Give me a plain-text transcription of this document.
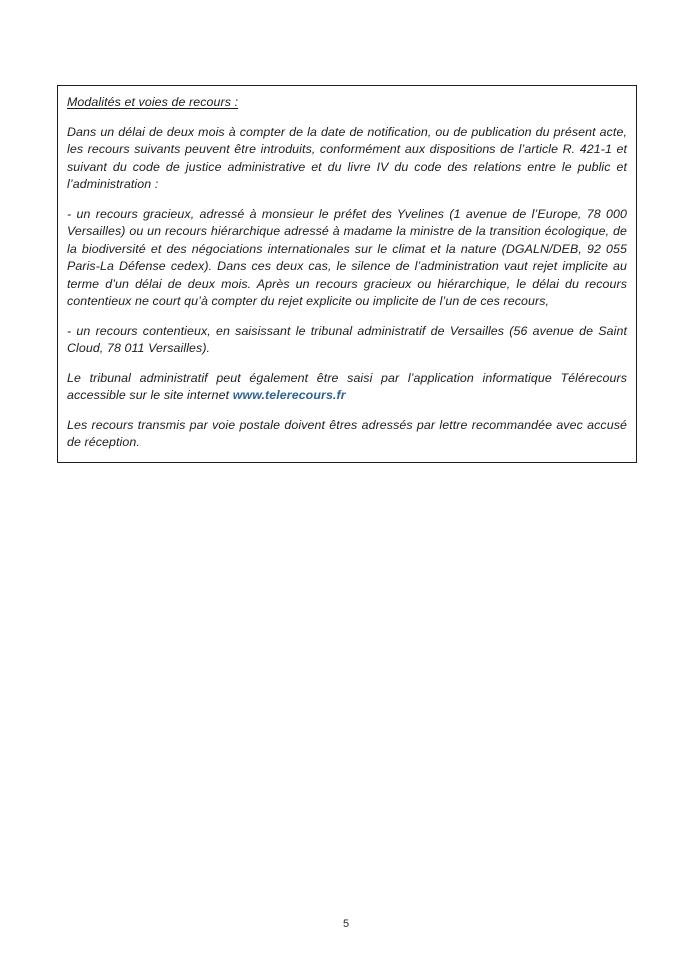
Modalités et voies de recours :

Dans un délai de deux mois à compter de la date de notification, ou de publication du présent acte, les recours suivants peuvent être introduits, conformément aux dispositions de l’article R. 421-1 et suivant du code de justice administrative et du livre IV du code des relations entre le public et l’administration :

- un recours gracieux, adressé à monsieur le préfet des Yvelines (1 avenue de l’Europe, 78 000 Versailles) ou un recours hiérarchique adressé à madame la ministre de la transition écologique, de la biodiversité et des négociations internationales sur le climat et la nature (DGALN/DEB, 92 055 Paris-La Défense cedex). Dans ces deux cas, le silence de l’administration vaut rejet implicite au terme d’un délai de deux mois. Après un recours gracieux ou hiérarchique, le délai du recours contentieux ne court qu’à compter du rejet explicite ou implicite de l’un de ces recours,

- un recours contentieux, en saisissant le tribunal administratif de Versailles (56 avenue de Saint Cloud, 78 011 Versailles).

Le tribunal administratif peut également être saisi par l’application informatique Télérecours accessible sur le site internet www.telerecours.fr

Les recours transmis par voie postale doivent êtres adressés par lettre recommandée avec accusé de réception.

5
